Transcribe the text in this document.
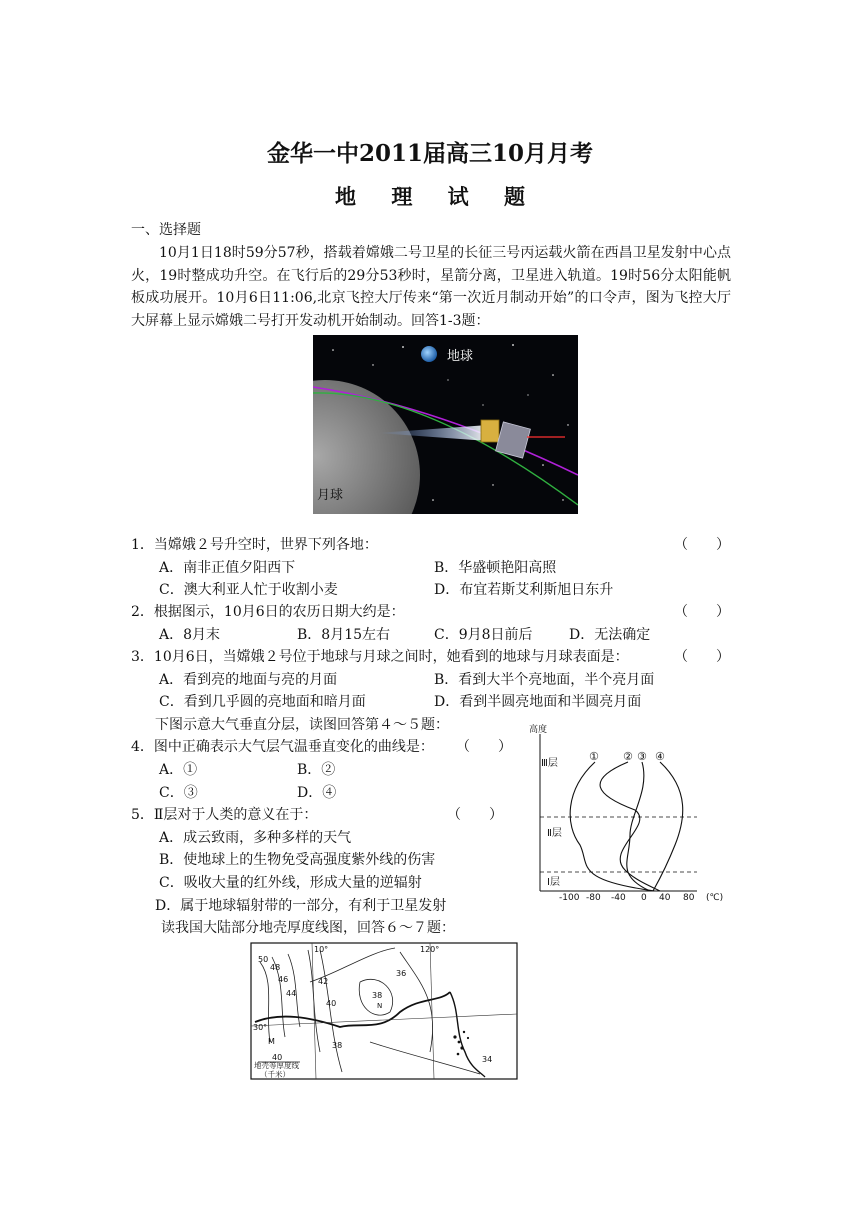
金华一中2011届高三10月月考
地 理 试 题
一、选择题

10月1日18时59分57秒，搭载着嫦娥二号卫星的长征三号丙运载火箭在西昌卫星发射中心点火，19时整成功升空。在飞行后的29分53秒时，星箭分离，卫星进入轨道。19时56分太阳能帆板成功展开。10月6日11:06,北京飞控大厅传来“第一次近月制动开始”的口令声，图为飞控大厅大屏幕上显示嫦娥二号打开发动机开始制动。回答1-3题：

地球
月球
1．当嫦娥２号升空时，世界下列各地：	（　　）
A．南非正值夕阳西下	B．华盛顿艳阳高照
C．澳大利亚人忙于收割小麦	D．布宜若斯艾利斯旭日东升
2．根据图示，10月6日的农历日期大约是：	（　　）
A．8月末	B．8月15左右	C．9月8日前后	D．无法确定
3．10月6日，当嫦娥２号位于地球与月球之间时，她看到的地球与月球表面是：	（　　）
A．看到亮的地面与亮的月面	B．看到大半个亮地面，半个亮月面
C．看到几乎圆的亮地面和暗月面	D．看到半圆亮地面和半圆亮月面
下图示意大气垂直分层，读图回答第４～５题：
4．图中正确表示大气层气温垂直变化的曲线是： （　　）
A．①	B．②
C．③	D．④
5．Ⅱ层对于人类的意义在于：	（　　）
A．成云致雨，多种多样的天气
B．使地球上的生物免受高强度紫外线的伤害
C．吸收大量的红外线，形成大量的逆辐射
D．属于地球辐射带的一部分，有利于卫星发射
读我国大陆部分地壳厚度线图，回答６～７题：
高度
Ⅲ层
Ⅱ层
Ⅰ层
-100 -80 -40 0 40 80 (℃)
① ② ③ ④
10°	120°
30°
50
48
46
44
42
40
38
36
34
38
40
N
M
地壳等厚度线
（千米）
